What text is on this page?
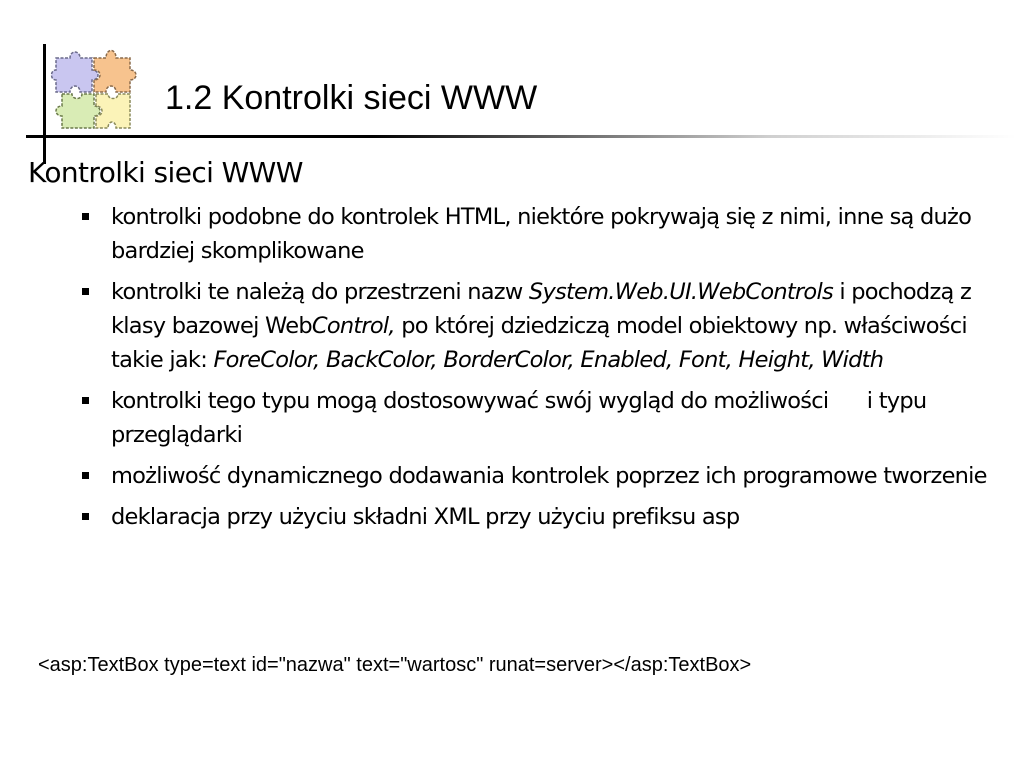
1.2 Kontrolki sieci WWW
Kontrolki sieci WWW
kontrolki podobne do kontrolek HTML, niektóre pokrywają się z nimi, inne są dużo bardziej skomplikowane
kontrolki te należą do przestrzeni nazw System.Web.UI.WebControls i pochodzą z klasy bazowej WebControl, po której dziedziczą model obiektowy np. właściwości takie jak: ForeColor, BackColor, BorderColor, Enabled, Font, Height, Width
kontrolki tego typu mogą dostosowywać swój wygląd do możliwości      i typu przeglądarki
możliwość dynamicznego dodawania kontrolek poprzez ich programowe tworzenie
deklaracja przy użyciu składni XML przy użyciu prefiksu asp
<asp:TextBox type=text id="nazwa" text="wartosc" runat=server></asp:TextBox>
